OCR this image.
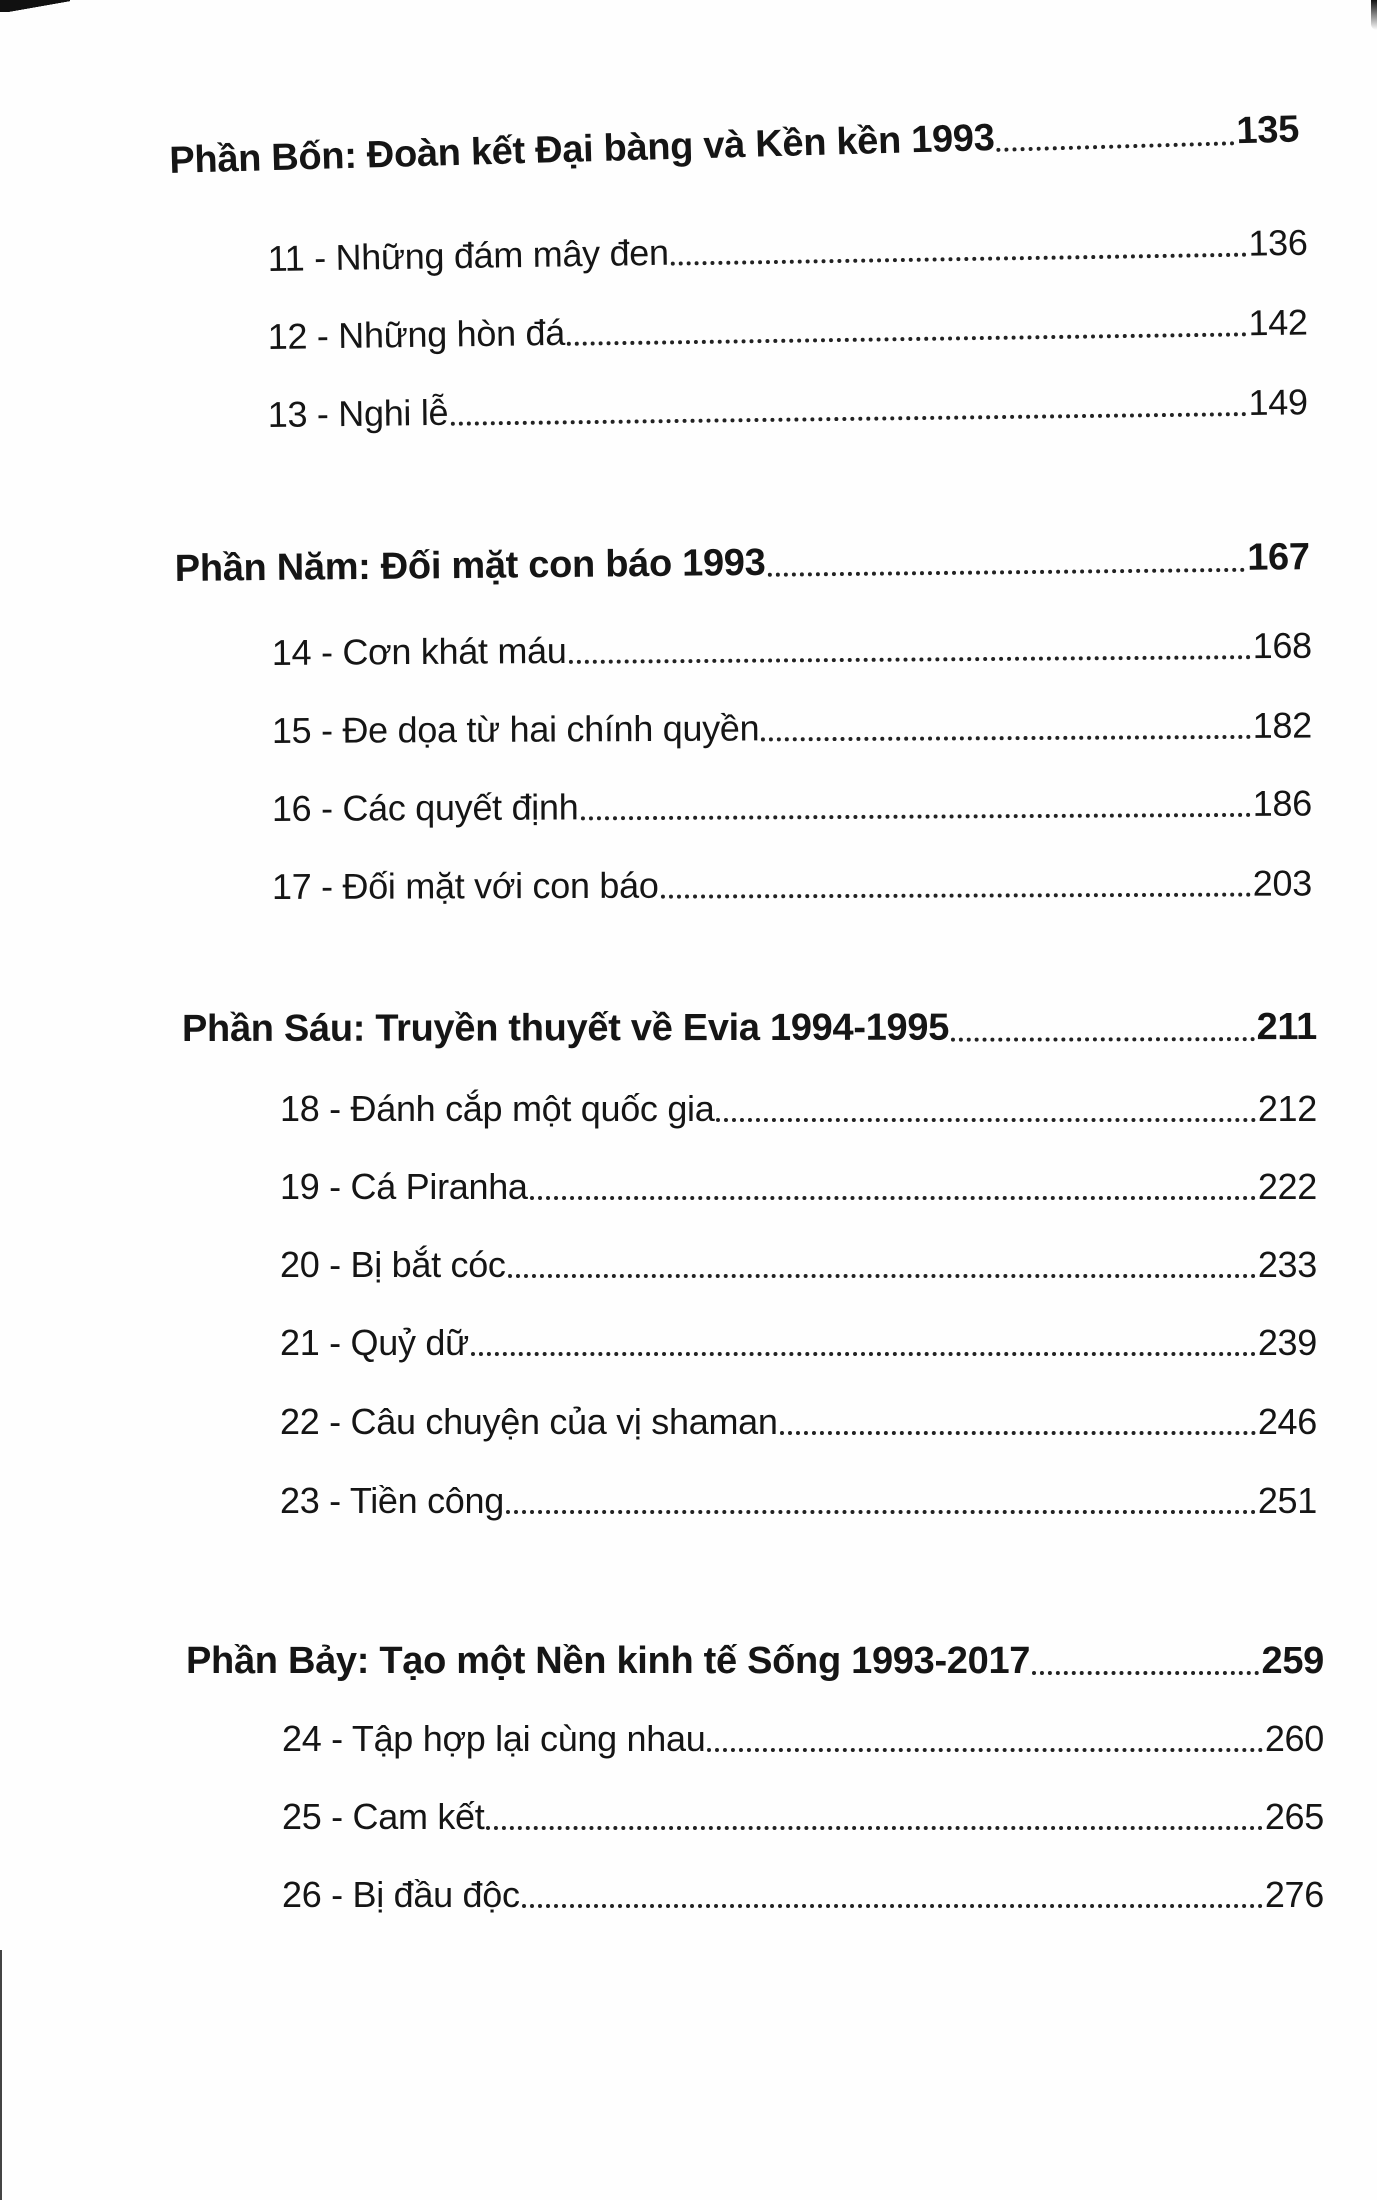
Phần Bốn: Đoàn kết Đại bàng và Kền kền 1993	135
11 - Những đám mây đen	136
12 - Những hòn đá	142
13 - Nghi lễ	149
Phần Năm: Đối mặt con báo 1993	167
14 - Cơn khát máu	168
15 - Đe dọa từ hai chính quyền	182
16 - Các quyết định	186
17 - Đối mặt với con báo	203
Phần Sáu: Truyền thuyết về Evia 1994-1995	211
18 - Đánh cắp một quốc gia	212
19 - Cá Piranha	222
20 - Bị bắt cóc	233
21 - Quỷ dữ	239
22 - Câu chuyện của vị shaman	246
23 - Tiền công	251
Phần Bảy: Tạo một Nền kinh tế Sống 1993-2017	259
24 - Tập hợp lại cùng nhau	260
25 - Cam kết	265
26 - Bị đầu độc	276
